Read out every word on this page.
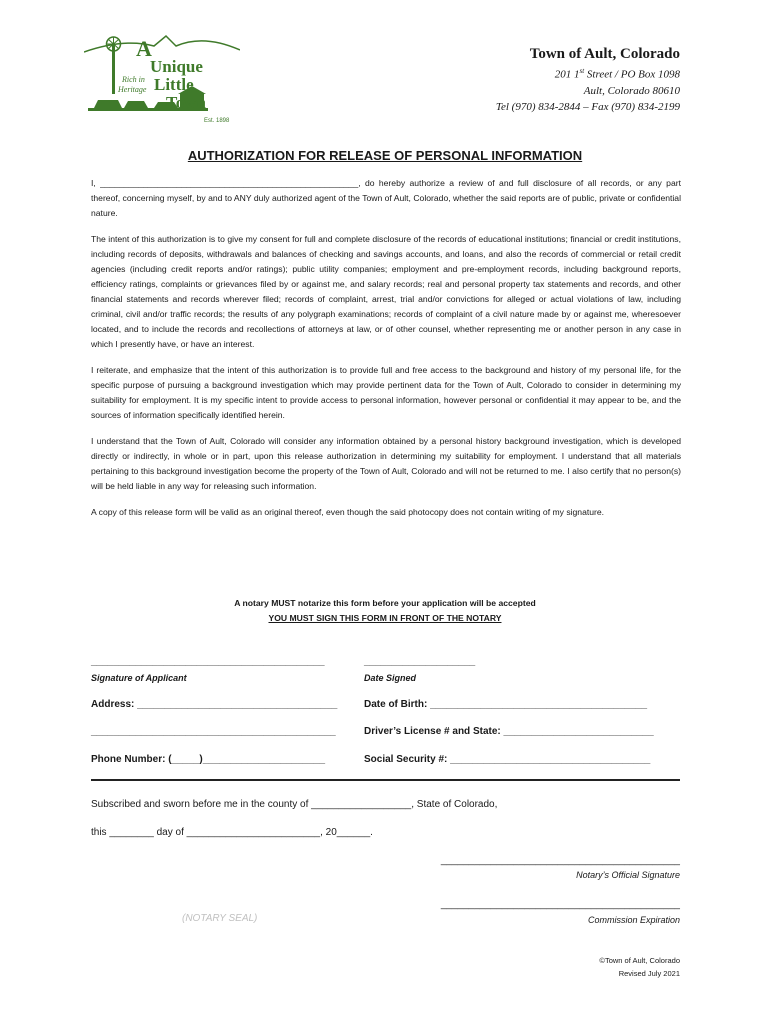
A
Unique
Little
Town
Rich in
Heritage
Est. 1898
Town of Ault, Colorado
201 1st Street / PO Box 1098
Ault, Colorado 80610
Tel (970) 834-2844 – Fax (970) 834-2199
AUTHORIZATION FOR RELEASE OF PERSONAL INFORMATION

I, ______________________________________________________, do hereby authorize a review of and full disclosure of all records, or any part thereof, concerning myself, by and to ANY duly authorized agent of the Town of Ault, Colorado, whether the said reports are of public, private or confidential nature.

The intent of this authorization is to give my consent for full and complete disclosure of the records of educational institutions; financial or credit institutions, including records of deposits, withdrawals and balances of checking and savings accounts, and loans, and also the records of commercial or retail credit agencies (including credit reports and/or ratings); public utility companies; employment and pre-employment records, including background reports, efficiency ratings, complaints or grievances filed by or against me, and salary records; real and personal property tax statements and records, and other financial statements and records wherever filed; records of complaint, arrest, trial and/or convictions for alleged or actual violations of law, including criminal, civil and/or traffic records; the results of any polygraph examinations; records of complaint of a civil nature made by or against me, wheresoever located, and to include the records and recollections of attorneys at law, or of other counsel, whether representing me or another person in any case in which I presently have, or have an interest.

I reiterate, and emphasize that the intent of this authorization is to provide full and free access to the background and history of my personal life, for the specific purpose of pursuing a background investigation which may provide pertinent data for the Town of Ault, Colorado to consider in determining my suitability for employment. It is my specific intent to provide access to personal information, however personal or confidential it may appear to be, and the sources of information specifically identified herein.

I understand that the Town of Ault, Colorado will consider any information obtained by a personal history background investigation, which is developed directly or indirectly, in whole or in part, upon this release authorization in determining my suitability for employment. I understand that all materials pertaining to this background investigation become the property of the Town of Ault, Colorado and will not be returned to me. I also certify that no person(s) will be held liable in any way for releasing such information.

A copy of this release form will be valid as an original thereof, even though the said photocopy does not contain writing of my signature.

A notary MUST notarize this form before your application will be accepted
YOU MUST SIGN THIS FORM IN FRONT OF THE NOTARY
__________________________________________	____________________
Signature of Applicant	Date Signed
Address: ____________________________________	Date of Birth: _______________________________________
____________________________________________	Driver’s License # and State: ___________________________
Phone Number: (_____)______________________	Social Security #: ____________________________________
Subscribed and sworn before me in the county of __________________, State of Colorado,
this ________ day of ________________________, 20______.
___________________________________________
Notary’s Official Signature
___________________________________________
Commission Expiration
(NOTARY SEAL)
©Town of Ault, Colorado
Revised July 2021
